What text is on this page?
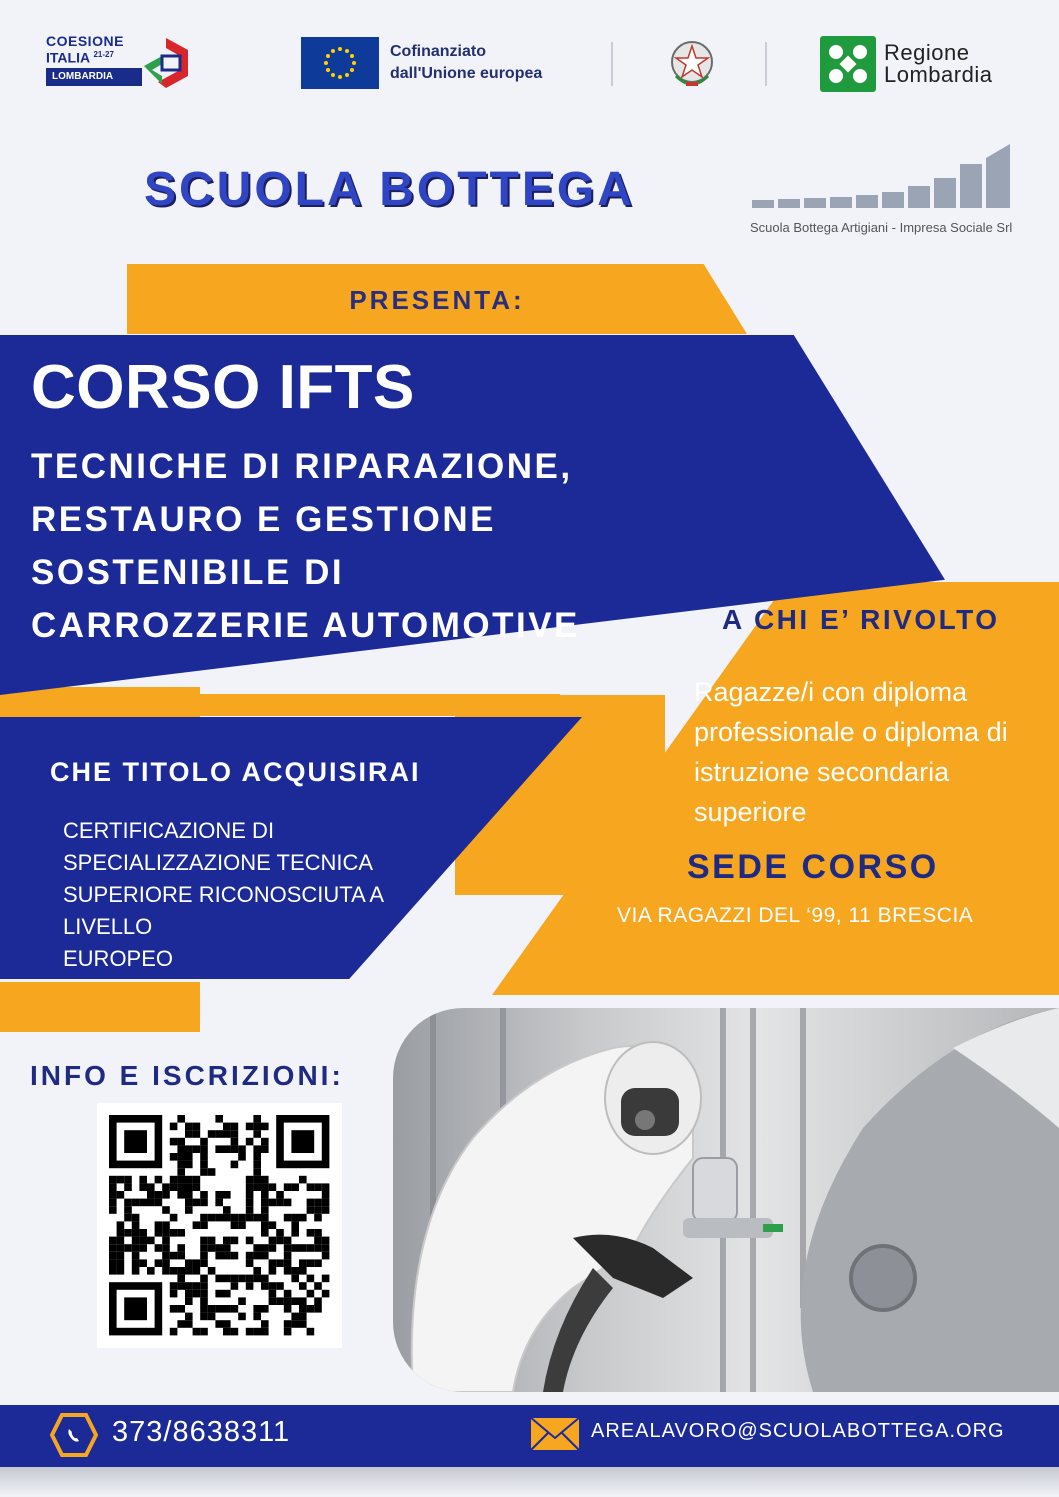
COESIONE
ITALIA $^{21-27}$
LOMBARDIA
Cofinanziato
dall'Unione europea
Regione
Lombardia
SCUOLA BOTTEGA
Scuola Bottega Artigiani - Impresa Sociale Srl
PRESENTA:
CORSO IFTS
TECNICHE DI RIPARAZIONE,
RESTAURO E GESTIONE
SOSTENIBILE DI
CARROZZERIE AUTOMOTIVE	A CHI E’ RIVOLTO
Ragazze/i con diploma professionale o diploma di istruzione secondaria superiore
SEDE CORSO
VIA RAGAZZI DEL ‘99, 11 BRESCIA
CHE TITOLO ACQUISIRAI
CERTIFICAZIONE DI
SPECIALIZZAZIONE TECNICA
SUPERIORE RICONOSCIUTA A
LIVELLO
EUROPEO
INFO E ISCRIZIONI:
373/8638311	AREALAVORO@SCUOLABOTTEGA.ORG
